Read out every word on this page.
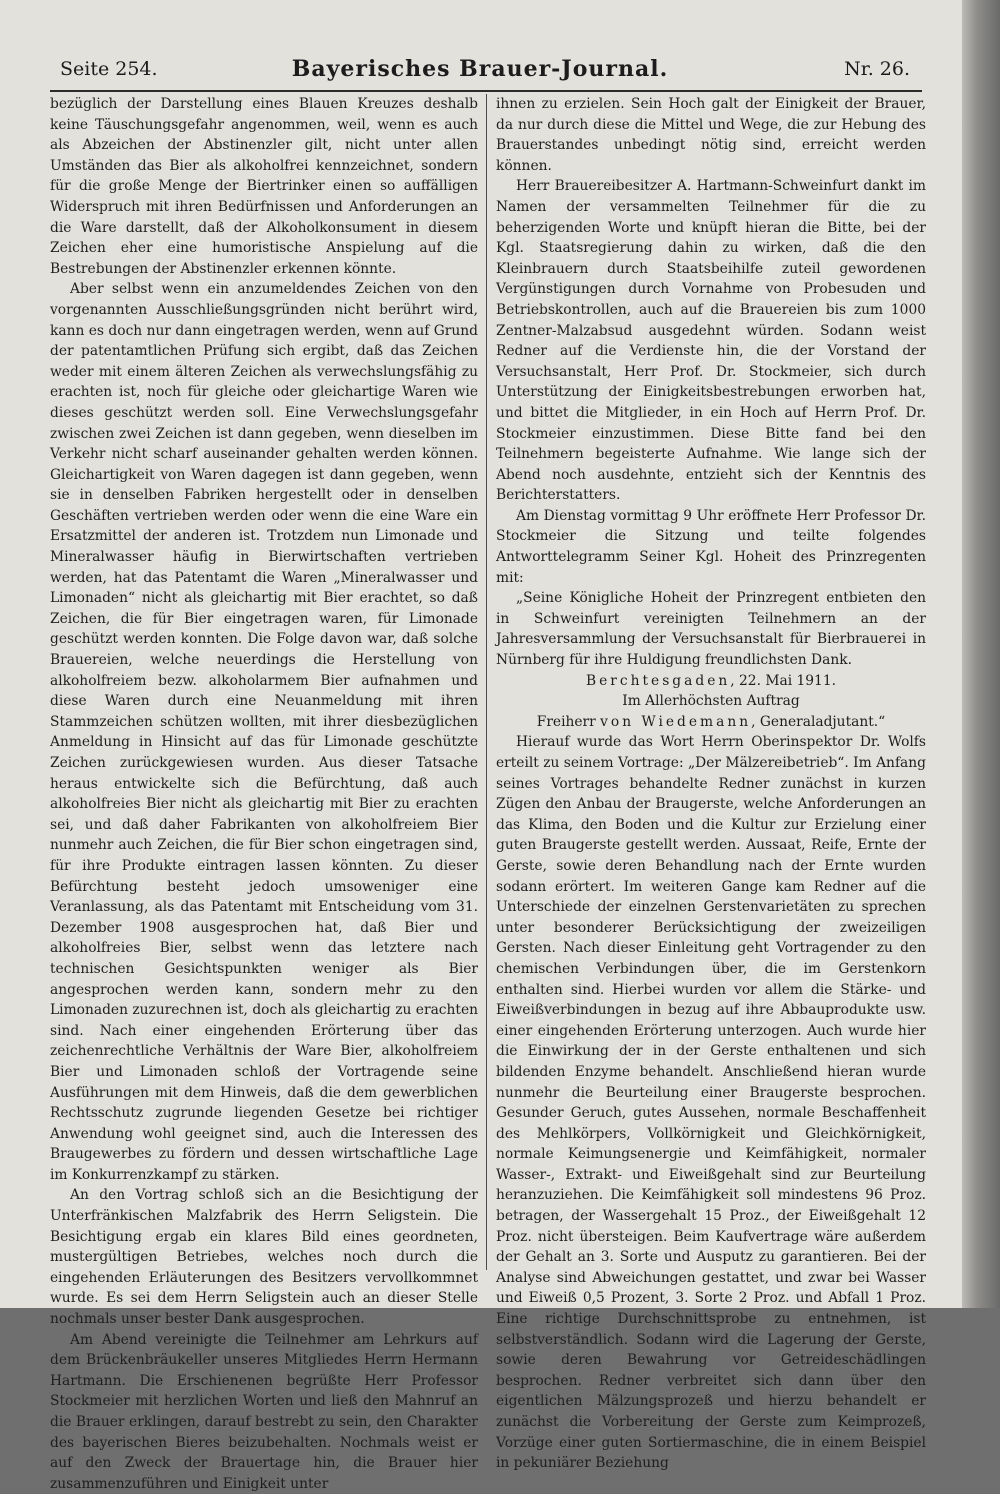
Seite 254.	Bayerisches Brauer-Journal.	Nr. 26.

bezüglich der Darstellung eines Blauen Kreuzes deshalb keine Täuschungsgefahr angenommen, weil, wenn es auch als Abzeichen der Abstinenzler gilt, nicht unter allen Umständen das Bier als alkoholfrei kennzeichnet, sondern für die große Menge der Biertrinker einen so auffälligen Widerspruch mit ihren Bedürfnissen und Anforderungen an die Ware darstellt, daß der Alkoholkonsument in diesem Zeichen eher eine humoristische Anspielung auf die Bestrebungen der Abstinenzler erkennen könnte.

Aber selbst wenn ein anzumeldendes Zeichen von den vorgenannten Ausschließungsgründen nicht berührt wird, kann es doch nur dann eingetragen werden, wenn auf Grund der patentamtlichen Prüfung sich ergibt, daß das Zeichen weder mit einem älteren Zeichen als verwechslungsfähig zu erachten ist, noch für gleiche oder gleichartige Waren wie dieses geschützt werden soll. Eine Verwechslungsgefahr zwischen zwei Zeichen ist dann gegeben, wenn dieselben im Verkehr nicht scharf auseinander gehalten werden können. Gleichartigkeit von Waren dagegen ist dann gegeben, wenn sie in denselben Fabriken hergestellt oder in denselben Geschäften vertrieben werden oder wenn die eine Ware ein Ersatzmittel der anderen ist. Trotzdem nun Limonade und Mineralwasser häufig in Bierwirtschaften vertrieben werden, hat das Patentamt die Waren „Mineralwasser und Limonaden“ nicht als gleichartig mit Bier erachtet, so daß Zeichen, die für Bier eingetragen waren, für Limonade geschützt werden konnten. Die Folge davon war, daß solche Brauereien, welche neuerdings die Herstellung von alkoholfreiem bezw. alkoholarmem Bier aufnahmen und diese Waren durch eine Neuanmeldung mit ihren Stammzeichen schützen wollten, mit ihrer diesbezüglichen Anmeldung in Hinsicht auf das für Limonade geschützte Zeichen zurückgewiesen wurden. Aus dieser Tatsache heraus entwickelte sich die Befürchtung, daß auch alkoholfreies Bier nicht als gleichartig mit Bier zu erachten sei, und daß daher Fabrikanten von alkoholfreiem Bier nunmehr auch Zeichen, die für Bier schon eingetragen sind, für ihre Produkte eintragen lassen könnten. Zu dieser Befürchtung besteht jedoch umsoweniger eine Veranlassung, als das Patentamt mit Entscheidung vom 31. Dezember 1908 ausgesprochen hat, daß Bier und alkoholfreies Bier, selbst wenn das letztere nach technischen Gesichtspunkten weniger als Bier angesprochen werden kann, sondern mehr zu den Limonaden zuzurechnen ist, doch als gleichartig zu erachten sind. Nach einer eingehenden Erörterung über das zeichenrechtliche Verhältnis der Ware Bier, alkoholfreiem Bier und Limonaden schloß der Vortragende seine Ausführungen mit dem Hinweis, daß die dem gewerblichen Rechtsschutz zugrunde liegenden Gesetze bei richtiger Anwendung wohl geeignet sind, auch die Interessen des Braugewerbes zu fördern und dessen wirtschaftliche Lage im Konkurrenzkampf zu stärken.

An den Vortrag schloß sich an die Besichtigung der Unterfränkischen Malzfabrik des Herrn Seligstein. Die Besichtigung ergab ein klares Bild eines geordneten, mustergültigen Betriebes, welches noch durch die eingehenden Erläuterungen des Besitzers vervollkommnet wurde. Es sei dem Herrn Seligstein auch an dieser Stelle nochmals unser bester Dank ausgesprochen.

Am Abend vereinigte die Teilnehmer am Lehrkurs auf dem Brückenbräukeller unseres Mitgliedes Herrn Hermann Hartmann. Die Erschienenen begrüßte Herr Professor Stockmeier mit herzlichen Worten und ließ den Mahnruf an die Brauer erklingen, darauf bestrebt zu sein, den Charakter des bayerischen Bieres beizubehalten. Nochmals weist er auf den Zweck der Brauertage hin, die Brauer hier zusammenzuführen und Einigkeit unter

ihnen zu erzielen. Sein Hoch galt der Einigkeit der Brauer, da nur durch diese die Mittel und Wege, die zur Hebung des Brauerstandes unbedingt nötig sind, erreicht werden können.

Herr Brauereibesitzer A. Hartmann-Schweinfurt dankt im Namen der versammelten Teilnehmer für die zu beherzigenden Worte und knüpft hieran die Bitte, bei der Kgl. Staatsregierung dahin zu wirken, daß die den Kleinbrauern durch Staatsbeihilfe zuteil gewordenen Vergünstigungen durch Vornahme von Probesuden und Betriebskontrollen, auch auf die Brauereien bis zum 1000 Zentner-Malzabsud ausgedehnt würden. Sodann weist Redner auf die Verdienste hin, die der Vorstand der Versuchsanstalt, Herr Prof. Dr. Stockmeier, sich durch Unterstützung der Einigkeitsbestrebungen erworben hat, und bittet die Mitglieder, in ein Hoch auf Herrn Prof. Dr. Stockmeier einzustimmen. Diese Bitte fand bei den Teilnehmern begeisterte Aufnahme. Wie lange sich der Abend noch ausdehnte, entzieht sich der Kenntnis des Berichterstatters.

Am Dienstag vormittag 9 Uhr eröffnete Herr Professor Dr. Stockmeier die Sitzung und teilte folgendes Antworttelegramm Seiner Kgl. Hoheit des Prinzregenten mit:

„Seine Königliche Hoheit der Prinzregent entbieten den in Schweinfurt vereinigten Teilnehmern an der Jahresversammlung der Versuchsanstalt für Bierbrauerei in Nürnberg für ihre Huldigung freundlichsten Dank.

Berchtesgaden, 22. Mai 1911.

Im Allerhöchsten Auftrag

Freiherr von Wiedemann, Generaladjutant.“

Hierauf wurde das Wort Herrn Oberinspektor Dr. Wolfs erteilt zu seinem Vortrage: „Der Mälzereibetrieb“. Im Anfang seines Vortrages behandelte Redner zunächst in kurzen Zügen den Anbau der Braugerste, welche Anforderungen an das Klima, den Boden und die Kultur zur Erzielung einer guten Braugerste gestellt werden. Aussaat, Reife, Ernte der Gerste, sowie deren Behandlung nach der Ernte wurden sodann erörtert. Im weiteren Gange kam Redner auf die Unterschiede der einzelnen Gerstenvarietäten zu sprechen unter besonderer Berücksichtigung der zweizeiligen Gersten. Nach dieser Einleitung geht Vortragender zu den chemischen Verbindungen über, die im Gerstenkorn enthalten sind. Hierbei wurden vor allem die Stärke- und Eiweißverbindungen in bezug auf ihre Abbauprodukte usw. einer eingehenden Erörterung unterzogen. Auch wurde hier die Einwirkung der in der Gerste enthaltenen und sich bildenden Enzyme behandelt. Anschließend hieran wurde nunmehr die Beurteilung einer Braugerste besprochen. Gesunder Geruch, gutes Aussehen, normale Beschaffenheit des Mehlkörpers, Vollkörnigkeit und Gleichkörnigkeit, normale Keimungsenergie und Keimfähigkeit, normaler Wasser-, Extrakt- und Eiweißgehalt sind zur Beurteilung heranzuziehen. Die Keimfähigkeit soll mindestens 96 Proz. betragen, der Wassergehalt 15 Proz., der Eiweißgehalt 12 Proz. nicht übersteigen. Beim Kaufvertrage wäre außerdem der Gehalt an 3. Sorte und Ausputz zu garantieren. Bei der Analyse sind Abweichungen gestattet, und zwar bei Wasser und Eiweiß 0,5 Prozent, 3. Sorte 2 Proz. und Abfall 1 Proz. Eine richtige Durchschnittsprobe zu entnehmen, ist selbstverständlich. Sodann wird die Lagerung der Gerste, sowie deren Bewahrung vor Getreideschädlingen besprochen. Redner verbreitet sich dann über den eigentlichen Mälzungsprozeß und hierzu behandelt er zunächst die Vorbereitung der Gerste zum Keimprozeß, Vorzüge einer guten Sortiermaschine, die in einem Beispiel in pekuniärer Beziehung
